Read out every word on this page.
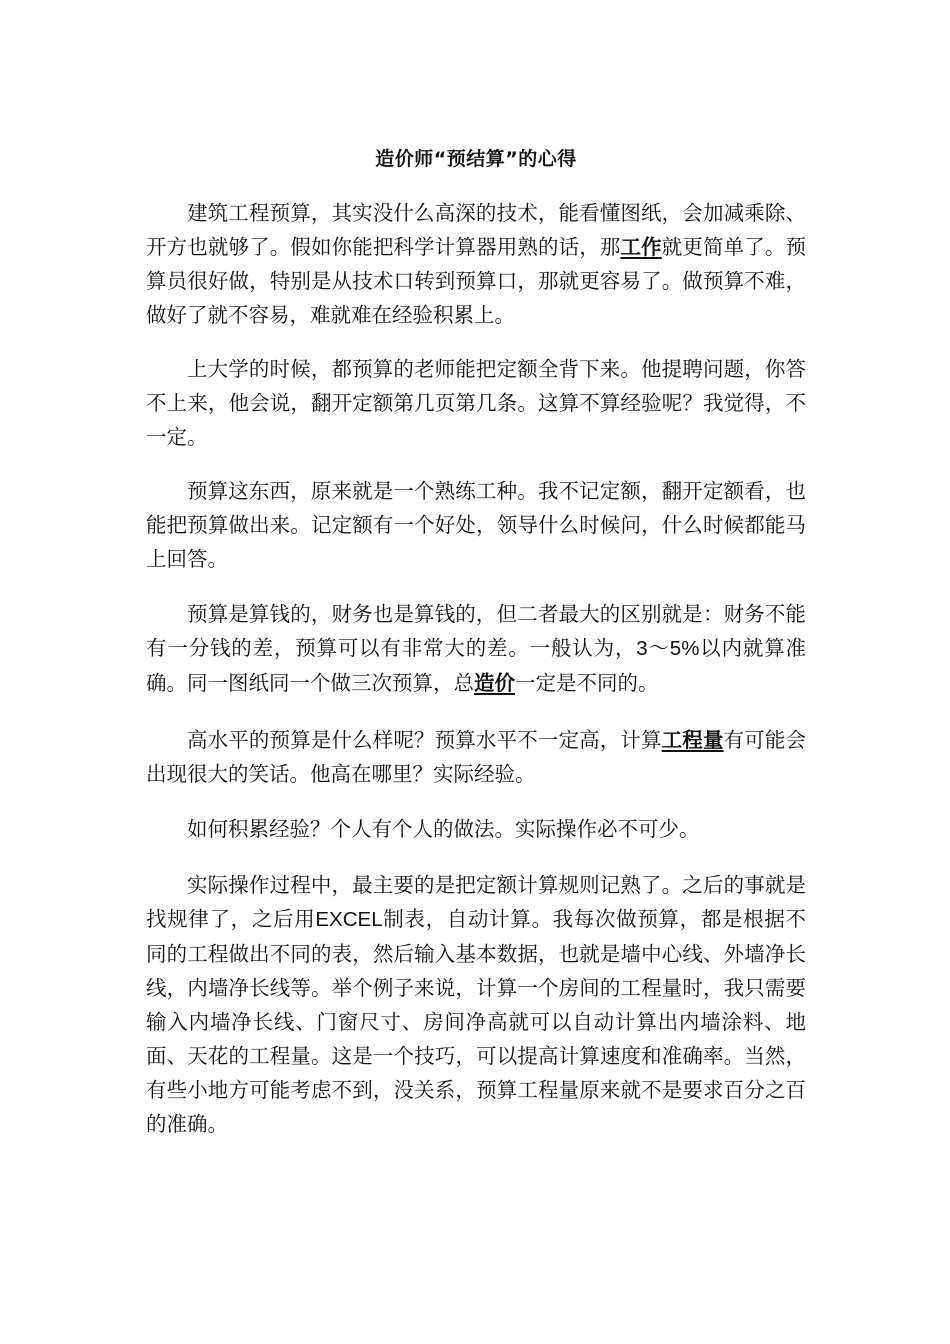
造价师“预结算”的心得

建筑工程预算，其实没什么高深的技术，能看懂图纸，会加减乘除、开方也就够了。假如你能把科学计算器用熟的话，那工作就更简单了。预算员很好做，特别是从技术口转到预算口，那就更容易了。做预算不难，做好了就不容易，难就难在经验积累上。

上大学的时候，都预算的老师能把定额全背下来。他提聘问题，你答不上来，他会说，翻开定额第几页第几条。这算不算经验呢？我觉得，不一定。

预算这东西，原来就是一个熟练工种。我不记定额，翻开定额看，也能把预算做出来。记定额有一个好处，领导什么时候问，什么时候都能马上回答。

预算是算钱的，财务也是算钱的，但二者最大的区别就是：财务不能有一分钱的差，预算可以有非常大的差。一般认为，3～5%以内就算准确。同一图纸同一个做三次预算，总造价一定是不同的。

高水平的预算是什么样呢？预算水平不一定高，计算工程量有可能会出现很大的笑话。他高在哪里？实际经验。

如何积累经验？个人有个人的做法。实际操作必不可少。

实际操作过程中，最主要的是把定额计算规则记熟了。之后的事就是找规律了，之后用EXCEL制表，自动计算。我每次做预算，都是根据不同的工程做出不同的表，然后输入基本数据，也就是墙中心线、外墙净长线，内墙净长线等。举个例子来说，计算一个房间的工程量时，我只需要输入内墙净长线、门窗尺寸、房间净高就可以自动计算出内墙涂料、地面、天花的工程量。这是一个技巧，可以提高计算速度和准确率。当然，有些小地方可能考虑不到，没关系，预算工程量原来就不是要求百分之百的准确。
